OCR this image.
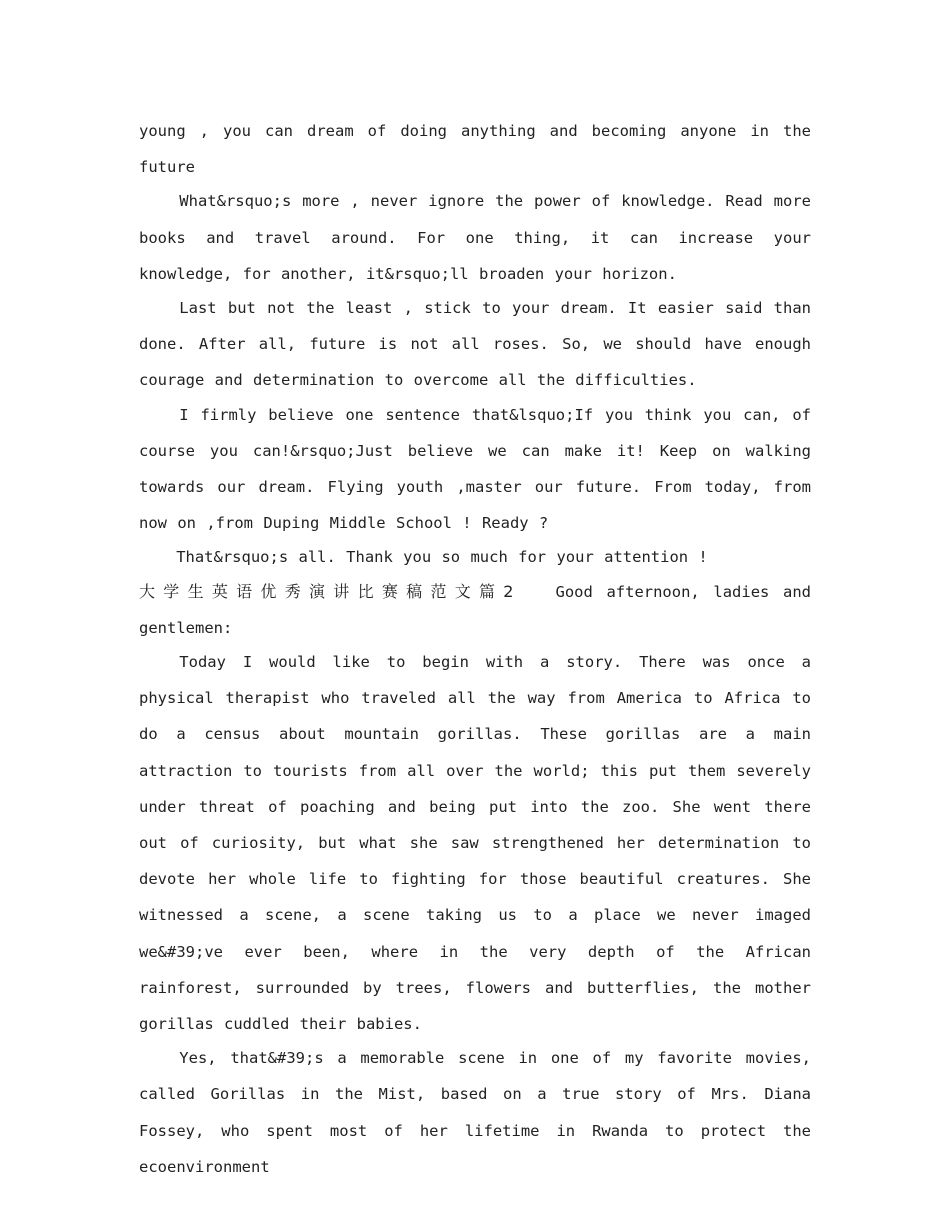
young , you can dream of doing anything and becoming anyone in the future

What&rsquo;s more , never ignore the power of knowledge. Read more books and travel around. For one thing, it can increase your knowledge, for another, it&rsquo;ll broaden your horizon.

Last but not the least , stick to your dream. It easier said than done. After all, future is not all roses. So, we should have enough courage and determination to overcome all the difficulties.

I firmly believe one sentence that&lsquo;If you think you can, of course you can!&rsquo;Just believe we can make it! Keep on walking towards our dream. Flying youth ,master our future. From today, from now on ,from Duping Middle School ! Ready ?

That&rsquo;s all. Thank you so much for your attention !

大学生英语优秀演讲比赛稿范文篇2 Good afternoon, ladies and gentlemen:

Today I would like to begin with a story. There was once a physical therapist who traveled all the way from America to Africa to do a census about mountain gorillas. These gorillas are a main attraction to tourists from all over the world; this put them severely under threat of poaching and being put into the zoo. She went there out of curiosity, but what she saw strengthened her determination to devote her whole life to fighting for those beautiful creatures. She witnessed a scene, a scene taking us to a place we never imaged we&#39;ve ever been, where in the very depth of the African rainforest, surrounded by trees, flowers and butterflies, the mother gorillas cuddled their babies.

Yes, that&#39;s a memorable scene in one of my favorite movies, called Gorillas in the Mist, based on a true story of Mrs. Diana Fossey, who spent most of her lifetime in Rwanda to protect the ecoenvironment
